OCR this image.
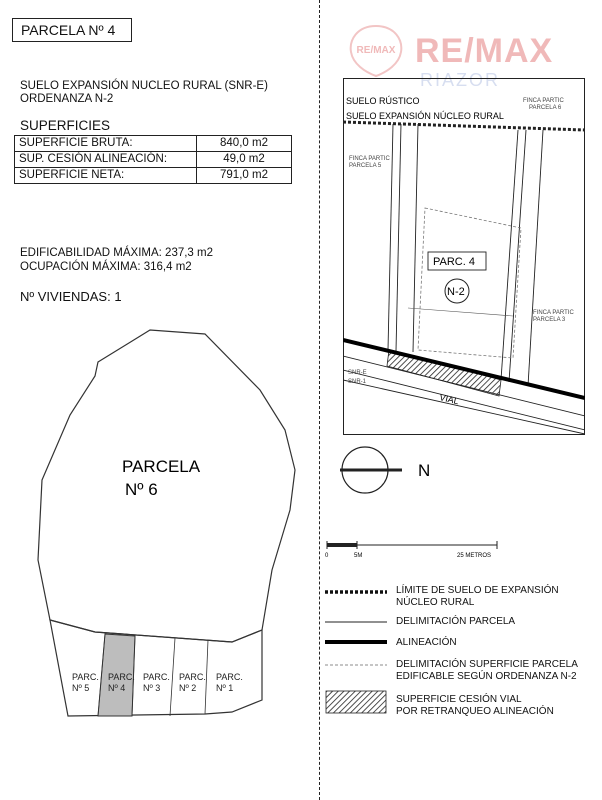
PARCELA Nº 4
SUELO EXPANSIÓN NUCLEO RURAL (SNR-E)
ORDENANZA N-2
SUPERFICIES
SUPERFICIE BRUTA:	840,0 m2
SUP. CESIÓN ALINEACIÓN:	49,0 m2
SUPERFICIE NETA:	791,0 m2
EDIFICABILIDAD MÁXIMA: 237,3 m2
OCUPACIÓN MÁXIMA: 316,4 m2
Nº VIVIENDAS: 1
PARCELA
Nº 6
PARC.
Nº 5
PARC.
Nº 4
PARC.
Nº 3
PARC.
Nº 2
PARC.
Nº 1
RE/MAX RE/MAX
RIAZOR
SUELO RÚSTICO
SUELO EXPANSIÓN NÚCLEO RURAL
FINCA PARTIC
PARCELA 6
FINCA PARTIC
PARCELA 5
FINCA PARTIC
PARCELA 3
SNR-E
SNR-1
VIAL
PARC. 4
N-2
N
0	5M	25 METROS
LÍMITE DE SUELO DE EXPANSIÓN
NÚCLEO RURAL
DELIMITACIÓN PARCELA
ALINEACIÓN
DELIMITACIÓN SUPERFICIE PARCELA
EDIFICABLE SEGÚN ORDENANZA N-2
SUPERFICIE CESIÓN VIAL
POR RETRANQUEO ALINEACIÓN
